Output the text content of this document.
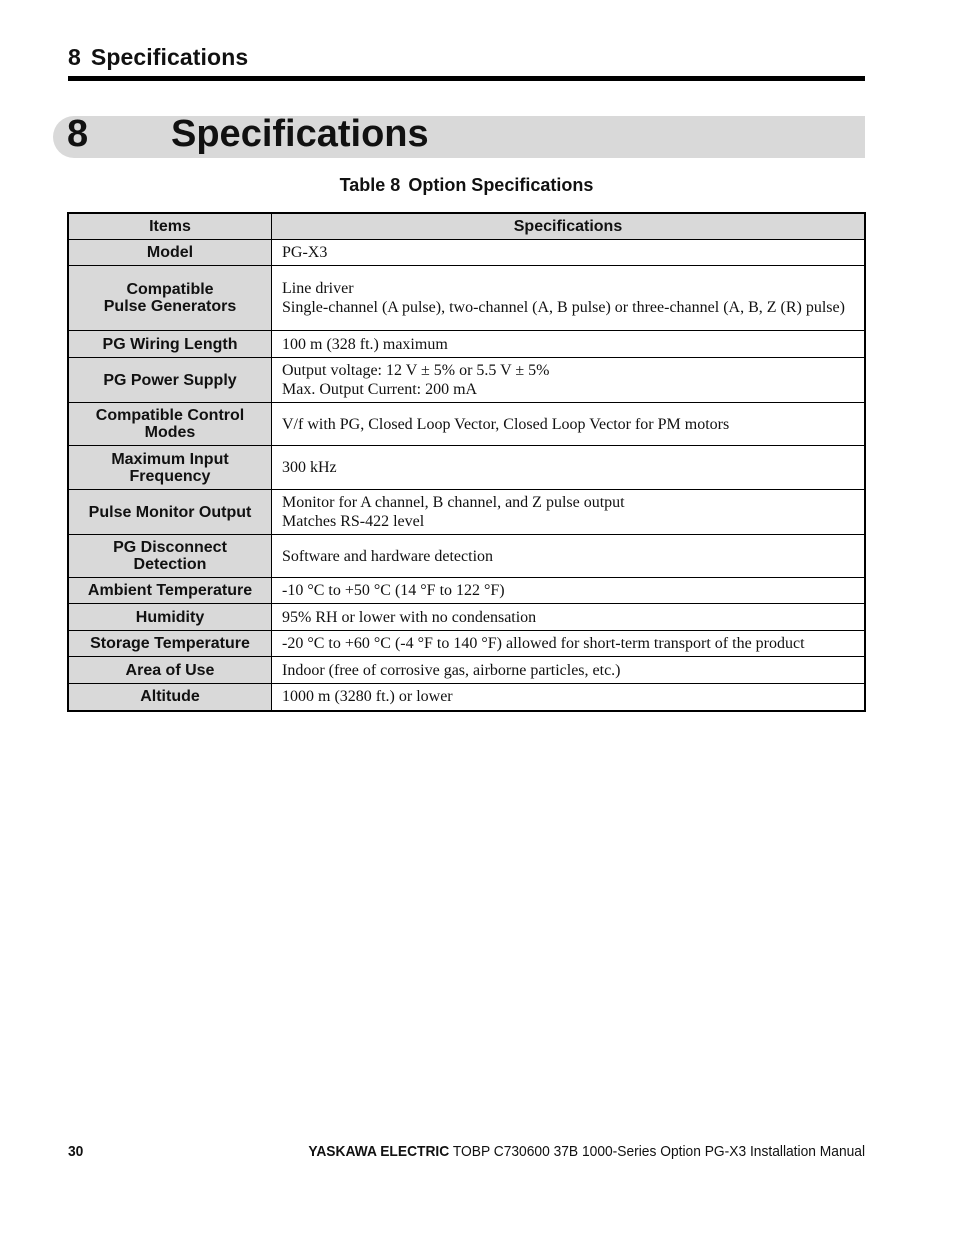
8 Specifications
8 Specifications
Table 8 Option Specifications
Items	Specifications

Model	PG-X3

Compatible
Pulse Generators	Line driver
Single-channel (A pulse), two-channel (A, B pulse) or three-channel (A, B, Z (R) pulse)

PG Wiring Length	100 m (328 ft.) maximum

PG Power Supply	Output voltage: 12 V ± 5% or 5.5 V ± 5%
Max. Output Current: 200 mA

Compatible Control
Modes	V/f with PG, Closed Loop Vector, Closed Loop Vector for PM motors

Maximum Input
Frequency	300 kHz

Pulse Monitor Output	Monitor for A channel, B channel, and Z pulse output
Matches RS-422 level

PG Disconnect
Detection	Software and hardware detection

Ambient Temperature	-10 °C to +50 °C (14 °F to 122 °F)

Humidity	95% RH or lower with no condensation

Storage Temperature	-20 °C to +60 °C (-4 °F to 140 °F) allowed for short-term transport of the product

Area of Use	Indoor (free of corrosive gas, airborne particles, etc.)

Altitude	1000 m (3280 ft.) or lower
30	YASKAWA ELECTRIC TOBP C730600 37B 1000-Series Option PG-X3 Installation Manual
